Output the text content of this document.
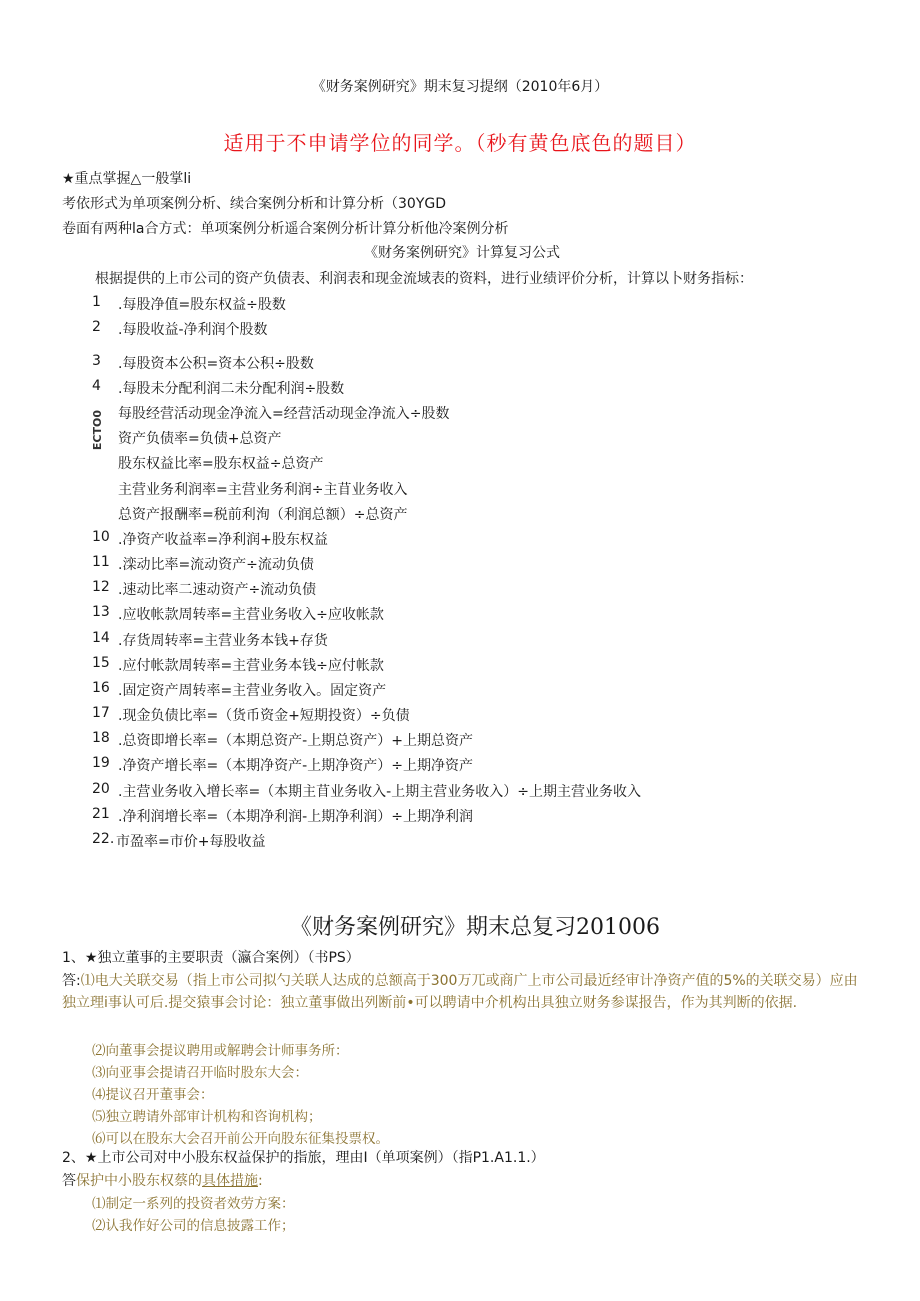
《财务案例研究》期末复习提纲（2010年6月）
适用于不申请学位的同学。（秒有黄色底色的题目）
★重点掌握△一般掌li
考依形式为单项案例分析、续合案例分析和计算分析（30YGD
卷面有两种la合方式：单项案例分析遥合案例分析计算分析他冷案例分析
《财务案例研究》计算复习公式
根据提供的上市公司的资产负债表、利润表和现金流域表的资料，进行业绩评价分析，计算以卜财务指标：
1 .每股净值=股东权益÷股数
2 .每股收益-净利润个股数
3 .每股资本公积=资本公积÷股数
4 .每股未分配利润二未分配利润÷股数
每股经营活动现金净流入=经营活动现金净流入÷股数
资产负债率=负债+总资产
股东权益比率=股东权益÷总资产
主营业务利润率=主营业务利润÷主苜业务收入
总资产报酬率=税前利洵（利润总额）÷总资产
10 .净资产收益率=净利润+股东权益
11 .滦动比率=流动资产÷流动负债
12 .速动比率二速动资产÷流动负债
13 .应收帐款周转率=主营业务收入÷应收帐款
14 .存货周转率=主营业务本钱+存货
15 .应付帐款周转率=主营业务本钱÷应付帐款
16 .固定资产周转率=主营业务收入。固定资产
17 .现金负债比率=（货币资金+短期投资）÷负债
18 .总资即增长率=（本期总资产-上期总资产）+上期总资产
19 .净资产增长率=（本期净资产-上期净资产）÷上期净资产
20 .主营业务收入增长率=（本期主苜业务收入-上期主营业务收入）÷上期主营业务收入
21 .净利润增长率=（本期净利润-上期净利润）÷上期净利润
22. 市盈率=市价+每股收益
ECTO0
《财务案例研究》期末总复习201006
1、★独立董事的主要职责（瀛合案例）（书PS）
答:⑴电大关联交易（指上市公司拟勺关联人达成的总额高于300万兀或商广上市公司最近经审计净资产值的5%的关联交易）应由独立理i事认可后.提交猿事会讨论：独立董事做出列断前•可以聘请中介机构出具独立财务参谋报告，作为其判断的依据.
⑵向董事会提议聘用或解聘会计师事务所：
⑶向亚事会提请召开临时股东大会：
⑷提议召开董事会：
⑸独立聘请外部审计机构和咨询机构；
⑹可以在股东大会召开前公开向股东征集投票权。
2、★上市公司对中小股东权益保护的指旅，理由I（单项案例）（指P1.A1.1.）
答保护中小股东权蔡的具体措施:
⑴制定一系列的投资者效劳方案：
⑵认我作好公司的信息披露工作；
